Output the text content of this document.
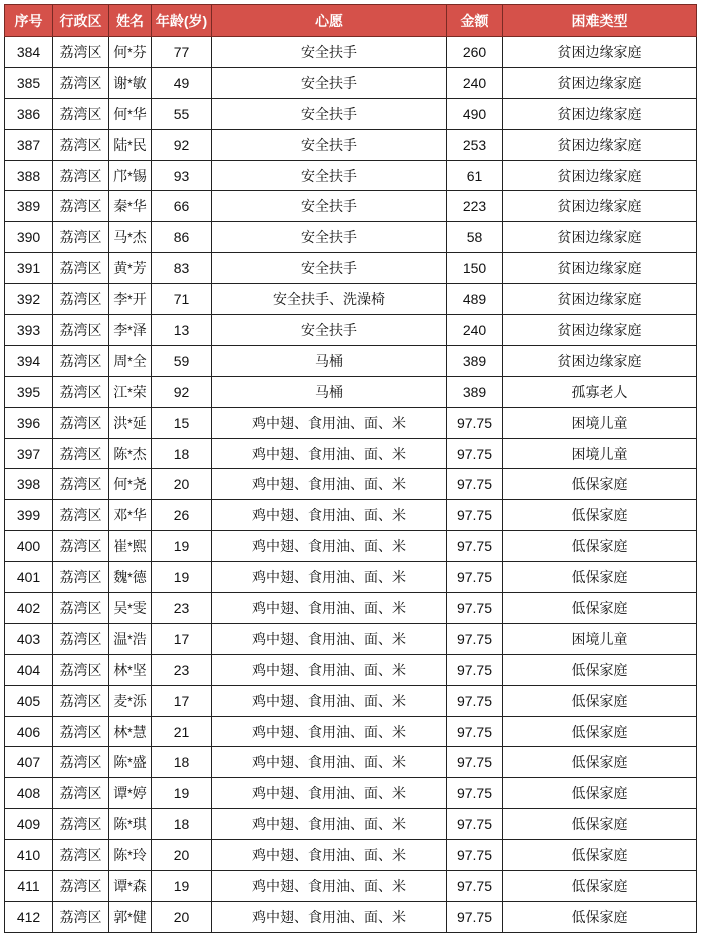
序号	行政区	姓名	年龄(岁)	心愿	金额	困难类型
384	荔湾区	何*芬	77	安全扶手	260	贫困边缘家庭
385	荔湾区	谢*敏	49	安全扶手	240	贫困边缘家庭
386	荔湾区	何*华	55	安全扶手	490	贫困边缘家庭
387	荔湾区	陆*民	92	安全扶手	253	贫困边缘家庭
388	荔湾区	邝*锡	93	安全扶手	61	贫困边缘家庭
389	荔湾区	秦*华	66	安全扶手	223	贫困边缘家庭
390	荔湾区	马*杰	86	安全扶手	58	贫困边缘家庭
391	荔湾区	黄*芳	83	安全扶手	150	贫困边缘家庭
392	荔湾区	李*开	71	安全扶手、洗澡椅	489	贫困边缘家庭
393	荔湾区	李*泽	13	安全扶手	240	贫困边缘家庭
394	荔湾区	周*全	59	马桶	389	贫困边缘家庭
395	荔湾区	江*荣	92	马桶	389	孤寡老人
396	荔湾区	洪*延	15	鸡中翅、食用油、面、米	97.75	困境儿童
397	荔湾区	陈*杰	18	鸡中翅、食用油、面、米	97.75	困境儿童
398	荔湾区	何*尧	20	鸡中翅、食用油、面、米	97.75	低保家庭
399	荔湾区	邓*华	26	鸡中翅、食用油、面、米	97.75	低保家庭
400	荔湾区	崔*熙	19	鸡中翅、食用油、面、米	97.75	低保家庭
401	荔湾区	魏*德	19	鸡中翅、食用油、面、米	97.75	低保家庭
402	荔湾区	吴*雯	23	鸡中翅、食用油、面、米	97.75	低保家庭
403	荔湾区	温*浩	17	鸡中翅、食用油、面、米	97.75	困境儿童
404	荔湾区	林*坚	23	鸡中翅、食用油、面、米	97.75	低保家庭
405	荔湾区	麦*泺	17	鸡中翅、食用油、面、米	97.75	低保家庭
406	荔湾区	林*慧	21	鸡中翅、食用油、面、米	97.75	低保家庭
407	荔湾区	陈*盛	18	鸡中翅、食用油、面、米	97.75	低保家庭
408	荔湾区	谭*婷	19	鸡中翅、食用油、面、米	97.75	低保家庭
409	荔湾区	陈*琪	18	鸡中翅、食用油、面、米	97.75	低保家庭
410	荔湾区	陈*玲	20	鸡中翅、食用油、面、米	97.75	低保家庭
411	荔湾区	谭*森	19	鸡中翅、食用油、面、米	97.75	低保家庭
412	荔湾区	郭*健	20	鸡中翅、食用油、面、米	97.75	低保家庭
